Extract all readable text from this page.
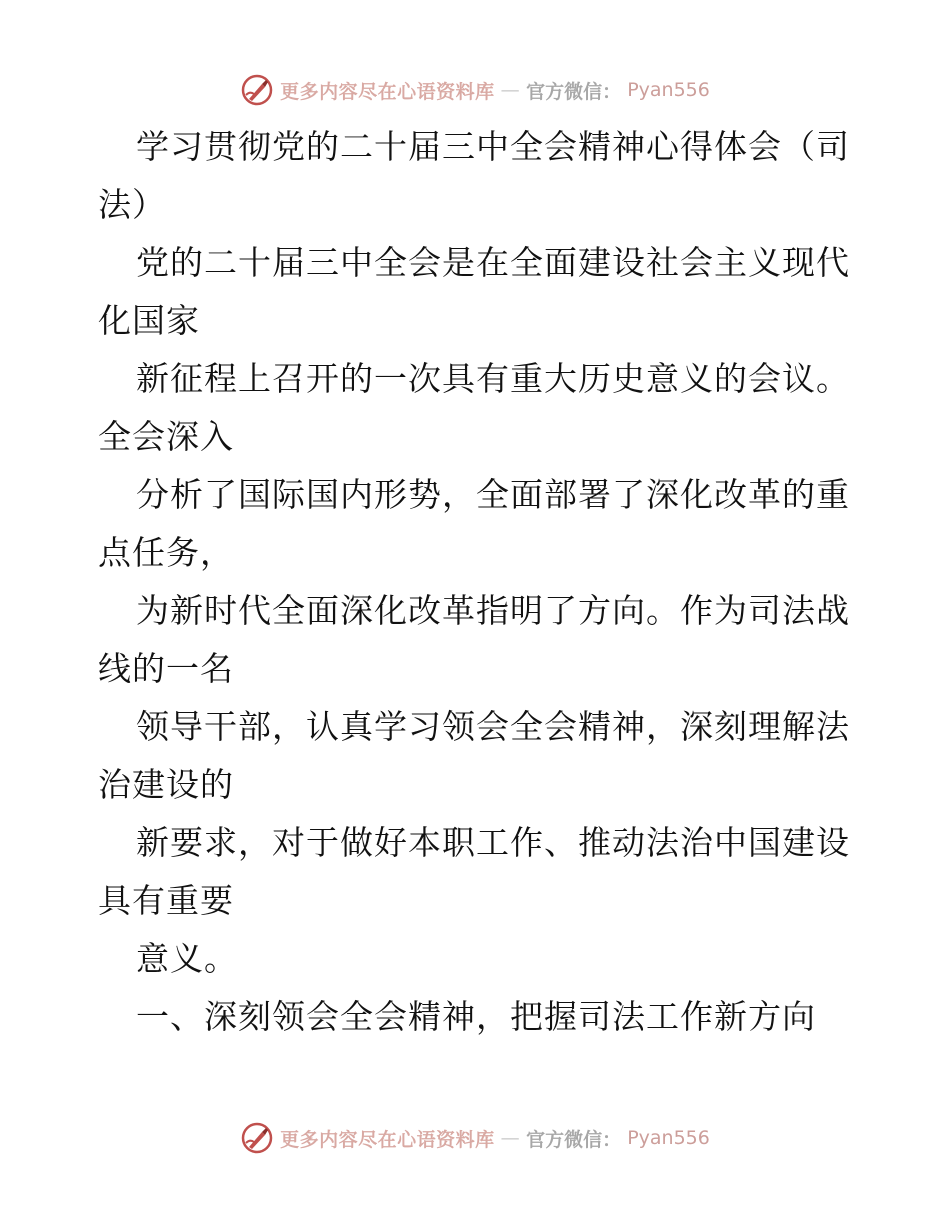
更多内容尽在心语资料库 — 官方微信： Pyan556
学习贯彻党的二十届三中全会精神心得体会（司
法）
党的二十届三中全会是在全面建设社会主义现代
化国家
新征程上召开的一次具有重大历史意义的会议。
全会深入
分析了国际国内形势，全面部署了深化改革的重
点任务，
为新时代全面深化改革指明了方向。作为司法战
线的一名
领导干部，认真学习领会全会精神，深刻理解法
治建设的
新要求，对于做好本职工作、推动法治中国建设
具有重要
意义。
一、深刻领会全会精神，把握司法工作新方向
更多内容尽在心语资料库 — 官方微信： Pyan556
